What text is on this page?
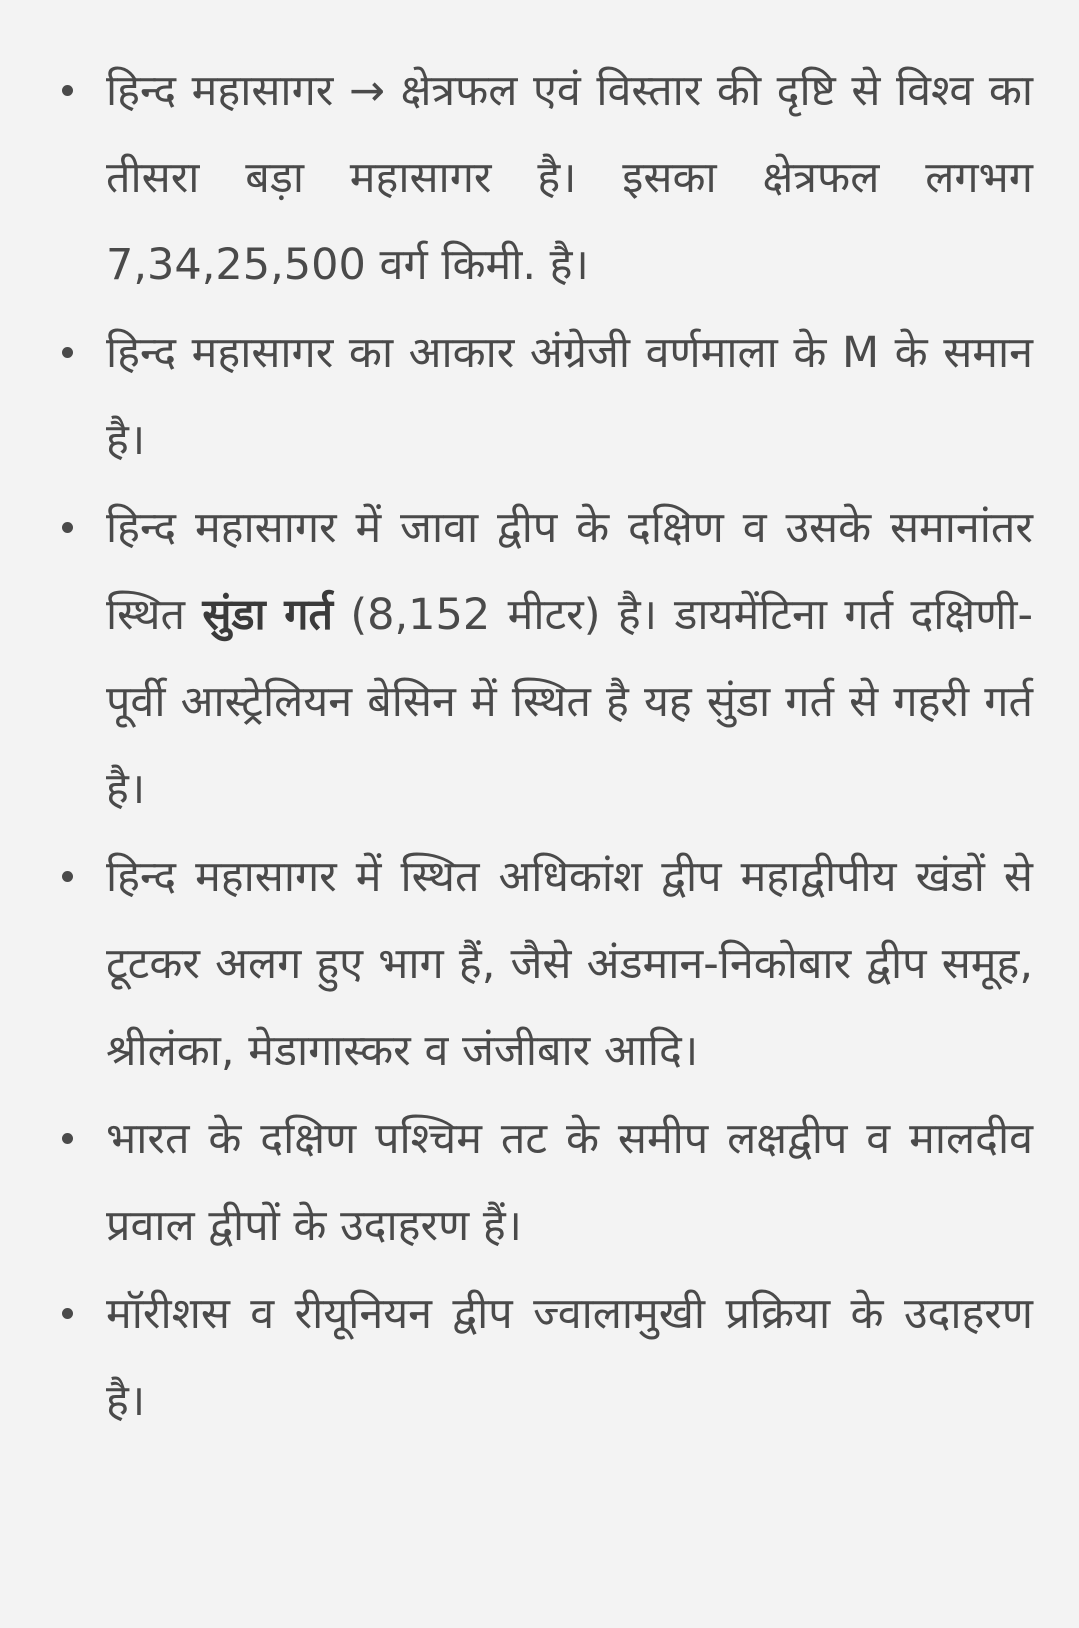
हिन्द महासागर → क्षेत्रफल एवं विस्तार की दृष्टि से विश्व का तीसरा बड़ा महासागर है। इसका क्षेत्रफल लगभग 7,34,25,500 वर्ग किमी. है।
हिन्द महासागर का आकार अंग्रेजी वर्णमाला के M के समान है।
हिन्द महासागर में जावा द्वीप के दक्षिण व उसके समानांतर स्थित सुंडा गर्त (8,152 मीटर) है। डायमेंटिना गर्त दक्षिणी-पूर्वी आस्ट्रेलियन बेसिन में स्थित है यह सुंडा गर्त से गहरी गर्त है।
हिन्द महासागर में स्थित अधिकांश द्वीप महाद्वीपीय खंडों से टूटकर अलग हुए भाग हैं, जैसे अंडमान-निकोबार द्वीप समूह, श्रीलंका, मेडागास्कर व जंजीबार आदि।
भारत के दक्षिण पश्चिम तट के समीप लक्षद्वीप व मालदीव प्रवाल द्वीपों के उदाहरण हैं।
मॉरीशस व रीयूनियन द्वीप ज्वालामुखी प्रक्रिया के उदाहरण है।
